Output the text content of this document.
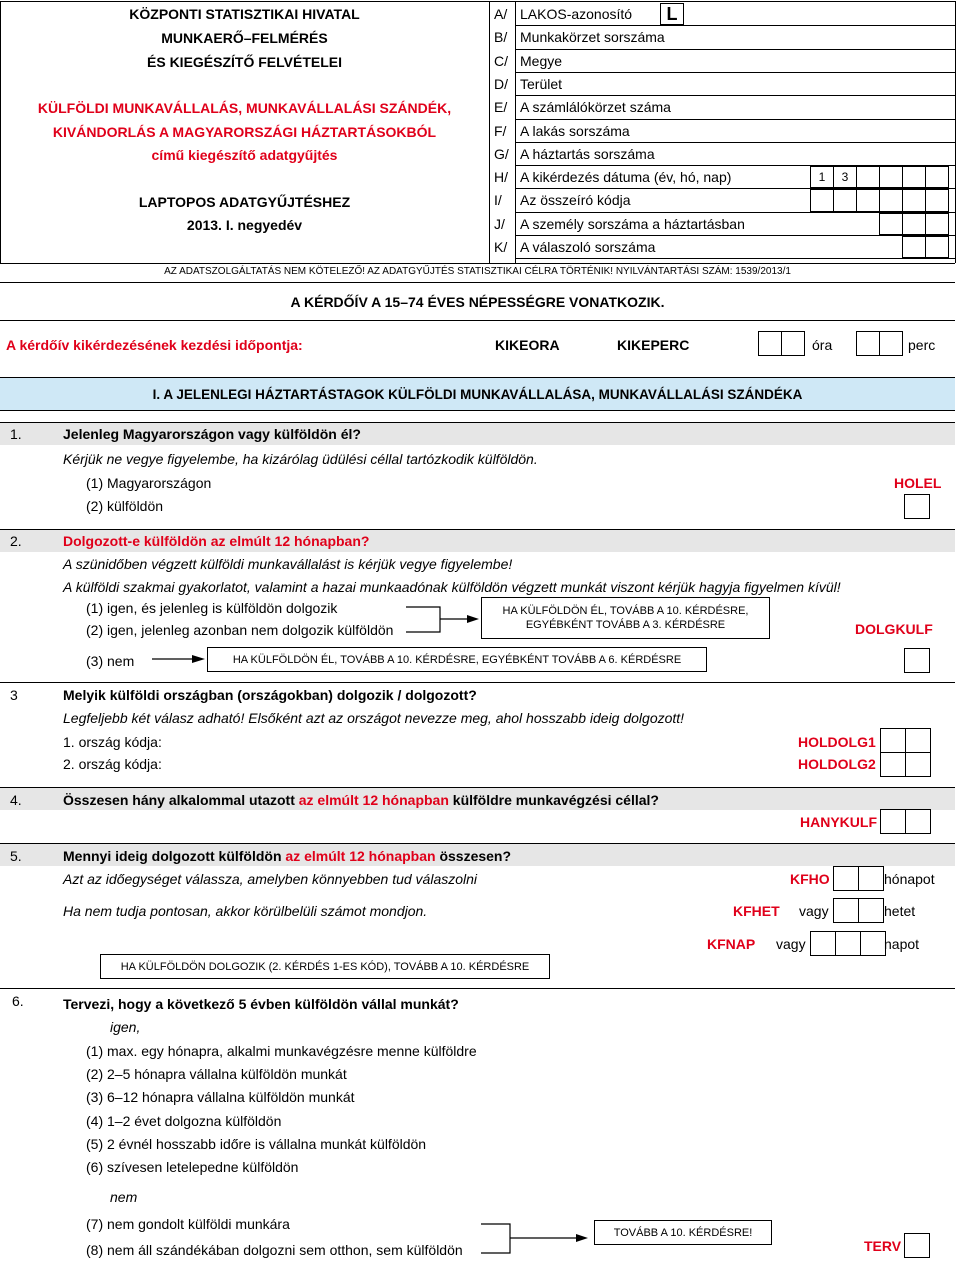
KÖZPONTI STATISZTIKAI HIVATAL
MUNKAERŐ–FELMÉRÉS
ÉS KIEGÉSZÍTŐ FELVÉTELEI
KÜLFÖLDI MUNKAVÁLLALÁS, MUNKAVÁLLALÁSI SZÁNDÉK,
KIVÁNDORLÁS A MAGYARORSZÁGI HÁZTARTÁSOKBÓL
című kiegészítő adatgyűjtés
LAPTOPOS ADATGYŰJTÉSHEZ
2013. I. negyedév
A/ LAKOS-azonosító	L
B/ Munkakörzet sorszáma
C/ Megye
D/ Terület
E/ A számlálókörzet száma
F/ A lakás sorszáma
G/ A háztartás sorszáma
H/ A kikérdezés dátuma (év, hó, nap)	1	3
I/ Az összeíró kódja
J/ A személy sorszáma a háztartásban
K/ A válaszoló sorszáma
AZ ADATSZOLGÁLTATÁS NEM KÖTELEZŐ! AZ ADATGYŰJTÉS STATISZTIKAI CÉLRA TÖRTÉNIK! NYILVÁNTARTÁSI SZÁM: 1539/2013/1
A KÉRDŐÍV A 15–74 ÉVES NÉPESSÉGRE VONATKOZIK.
A kérdőív kikérdezésének kezdési időpontja:	KIKEORA	KIKEPERC	óra	perc
I. A JELENLEGI HÁZTARTÁSTAGOK KÜLFÖLDI MUNKAVÁLLALÁSA, MUNKAVÁLLALÁSI SZÁNDÉKA
1.	Jelenleg Magyarországon vagy külföldön él?
Kérjük ne vegye figyelembe, ha kizárólag üdülési céllal tartózkodik külföldön.
(1) Magyarországon
(2) külföldön
HOLEL
2.	Dolgozott-e külföldön az elmúlt 12 hónapban?
A szünidőben végzett külföldi munkavállalást is kérjük vegye figyelembe!
A külföldi szakmai gyakorlatot, valamint a hazai munkaadónak külföldön végzett munkát viszont kérjük hagyja figyelmen kívül!
(1) igen, és jelenleg is külföldön dolgozik
(2) igen, jelenleg azonban nem dolgozik külföldön
HA KÜLFÖLDÖN ÉL, TOVÁBB A 10. KÉRDÉSRE,
EGYÉBKÉNT TOVÁBB A 3. KÉRDÉSRE	DOLGKULF
(3) nem	HA KÜLFÖLDÖN ÉL, TOVÁBB A 10. KÉRDÉSRE, EGYÉBKÉNT TOVÁBB A 6. KÉRDÉSRE
3	Melyik külföldi országban (országokban) dolgozik / dolgozott?
Legfeljebb két válasz adható! Elsőként azt az országot nevezze meg, ahol hosszabb ideig dolgozott!
1. ország kódja:
2. ország kódja:
HOLDOLG1
HOLDOLG2
4.	Összesen hány alkalommal utazott az elmúlt 12 hónapban külföldre munkavégzési céllal?
HANYKULF
5.	Mennyi ideig dolgozott külföldön az elmúlt 12 hónapban összesen?
Azt az időegységet válassza, amelyben könnyebben tud válaszolni
Ha nem tudja pontosan, akkor körülbelüli számot mondjon.
KFHO	hónapot
KFHET vagy	hetet
KFNAP vagy	napot
HA KÜLFÖLDÖN DOLGOZIK (2. KÉRDÉS 1-ES KÓD), TOVÁBB A 10. KÉRDÉSRE
6.	Tervezi, hogy a következő 5 évben külföldön vállal munkát?
igen,
(1) max. egy hónapra, alkalmi munkavégzésre menne külföldre
(2) 2–5 hónapra vállalna külföldön munkát
(3) 6–12 hónapra vállalna külföldön munkát
(4) 1–2 évet dolgozna külföldön
(5) 2 évnél hosszabb időre is vállalna munkát külföldön
(6) szívesen letelepedne külföldön
nem
(7) nem gondolt külföldi munkára
(8) nem áll szándékában dolgozni sem otthon, sem külföldön
TOVÁBB A 10. KÉRDÉSRE!
TERV
